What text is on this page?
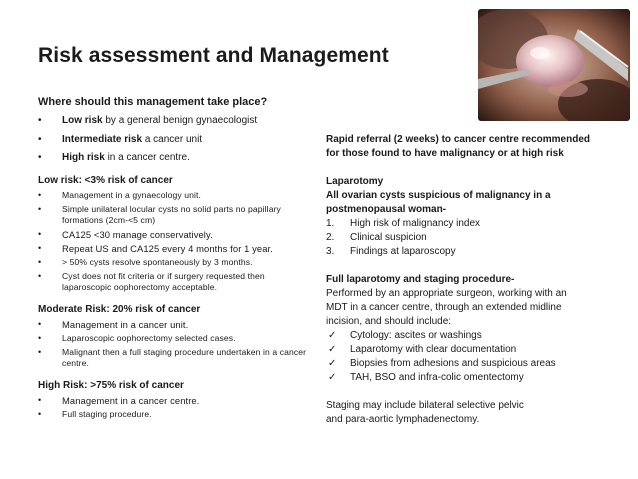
Risk assessment and Management

Where should this management take place?

• Low risk by a general benign gynaecologist
• Intermediate risk a cancer unit
• High risk in a cancer centre.

Low risk: <3% risk of cancer

• Management in a gynaecology unit.
• Simple unilateral locular cysts no solid parts no papillary formations (2cm-<5 cm)
• CA125 <30 manage conservatively.
• Repeat US and CA125 every 4 months for 1 year.
• > 50% cysts resolve spontaneously by 3 months.
• Cyst does not fit criteria or if surgery requested then laparoscopic oophorectomy acceptable.

Moderate Risk: 20% risk of cancer

• Management in a cancer unit.
• Laparoscopic oophorectomy selected cases.
• Malignant then a full staging procedure undertaken in a cancer centre.

High Risk: >75% risk of cancer

• Management in a cancer centre.
• Full staging procedure.

Rapid referral (2 weeks) to cancer centre recommended

for those found to have malignancy or at high risk

Laparotomy

All ovarian cysts suspicious of malignancy in a

postmenopausal woman-

1. High risk of malignancy index
2. Clinical suspicion
3. Findings at laparoscopy

Full laparotomy and staging procedure-

Performed by an appropriate surgeon, working with an

MDT in a cancer centre, through an extended midline

incision, and should include:

✓ Cytology: ascites or washings
✓ Laparotomy with clear documentation
✓ Biopsies from adhesions and suspicious areas
✓ TAH, BSO and infra-colic omentectomy

Staging may include bilateral selective pelvic

and para-aortic lymphadenectomy.
